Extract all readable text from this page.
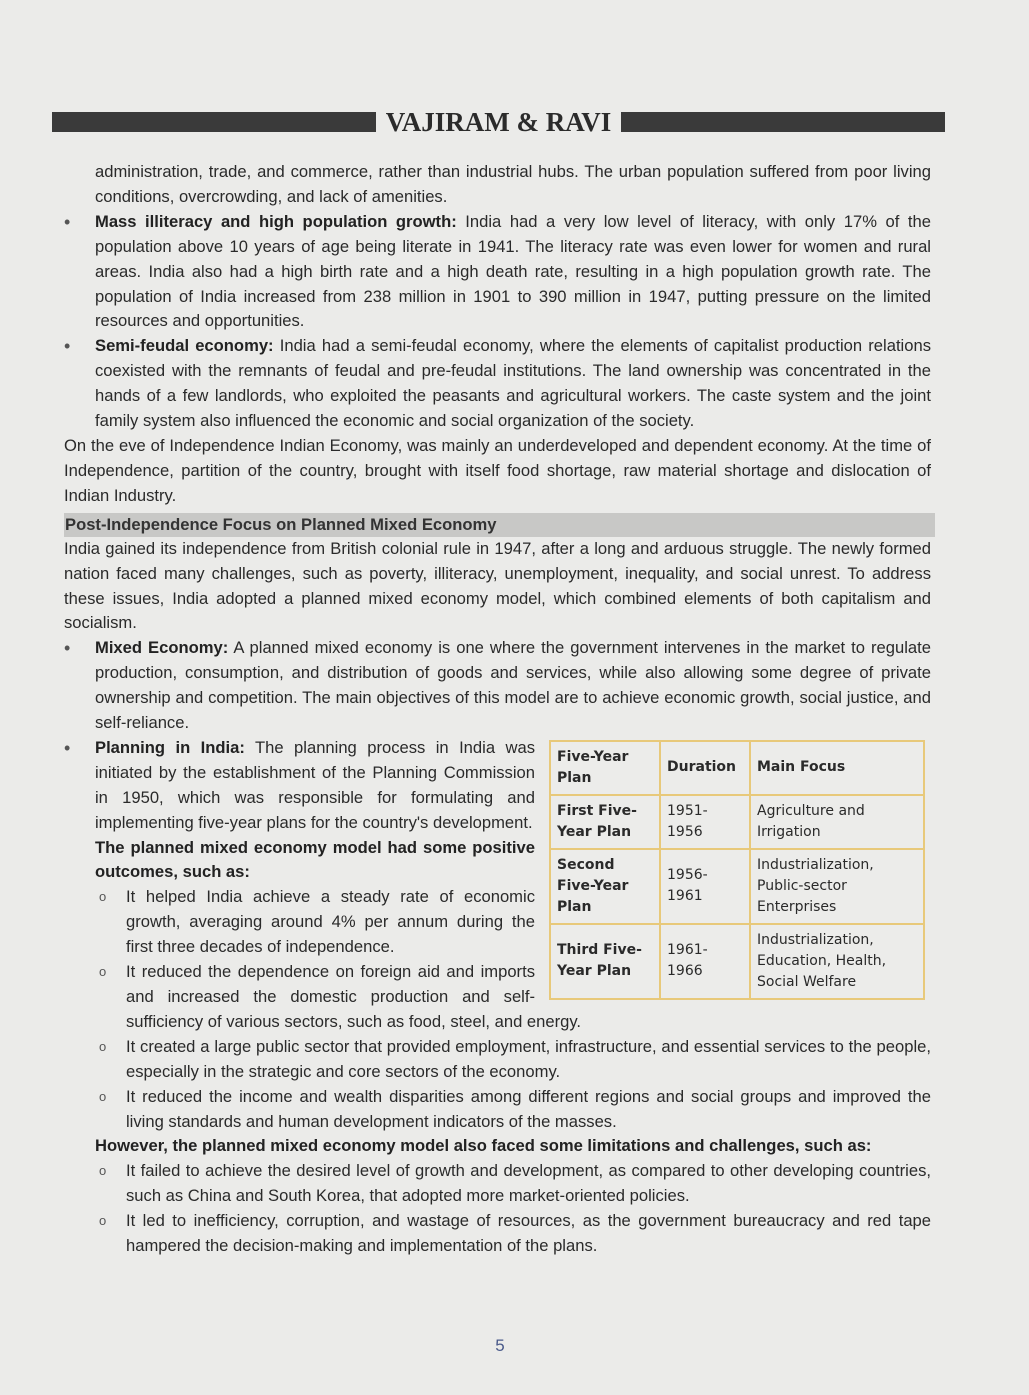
VAJIRAM & RAVI

administration, trade, and commerce, rather than industrial hubs. The urban population suffered from poor living conditions, overcrowding, and lack of amenities.

• Mass illiteracy and high population growth: India had a very low level of literacy, with only 17% of the population above 10 years of age being literate in 1941. The literacy rate was even lower for women and rural areas. India also had a high birth rate and a high death rate, resulting in a high population growth rate. The population of India increased from 238 million in 1901 to 390 million in 1947, putting pressure on the limited resources and opportunities.
• Semi-feudal economy: India had a semi-feudal economy, where the elements of capitalist production relations coexisted with the remnants of feudal and pre-feudal institutions. The land ownership was concentrated in the hands of a few landlords, who exploited the peasants and agricultural workers. The caste system and the joint family system also influenced the economic and social organization of the society.

On the eve of Independence Indian Economy, was mainly an underdeveloped and dependent economy. At the time of Independence, partition of the country, brought with itself food shortage, raw material shortage and dislocation of Indian Industry.

Post-Independence Focus on Planned Mixed Economy

India gained its independence from British colonial rule in 1947, after a long and arduous struggle. The newly formed nation faced many challenges, such as poverty, illiteracy, unemployment, inequality, and social unrest. To address these issues, India adopted a planned mixed economy model, which combined elements of both capitalism and socialism.

• Mixed Economy: A planned mixed economy is one where the government intervenes in the market to regulate production, consumption, and distribution of goods and services, while also allowing some degree of private ownership and competition. The main objectives of this model are to achieve economic growth, social justice, and self-reliance.
• Five-Year Plan	Duration	Main Focus
First Five-Year Plan	1951-1956	Agriculture and Irrigation
Second Five-Year Plan	1956-1961	Industrialization, Public-sector Enterprises
Third Five-Year Plan	1961-1966	Industrialization, Education, Health, Social Welfare
Planning in India: The planning process in India was initiated by the establishment of the Planning Commission in 1950, which was responsible for formulating and implementing five-year plans for the country's development.

The planned mixed economy model had some positive outcomes, such as:

o It helped India achieve a steady rate of economic growth, averaging around 4% per annum during the first three decades of independence.
o It reduced the dependence on foreign aid and imports and increased the domestic production and self-sufficiency of various sectors, such as food, steel, and energy.
o It created a large public sector that provided employment, infrastructure, and essential services to the people, especially in the strategic and core sectors of the economy.
o It reduced the income and wealth disparities among different regions and social groups and improved the living standards and human development indicators of the masses.

However, the planned mixed economy model also faced some limitations and challenges, such as:

o It failed to achieve the desired level of growth and development, as compared to other developing countries, such as China and South Korea, that adopted more market-oriented policies.
o It led to inefficiency, corruption, and wastage of resources, as the government bureaucracy and red tape hampered the decision-making and implementation of the plans.
5
